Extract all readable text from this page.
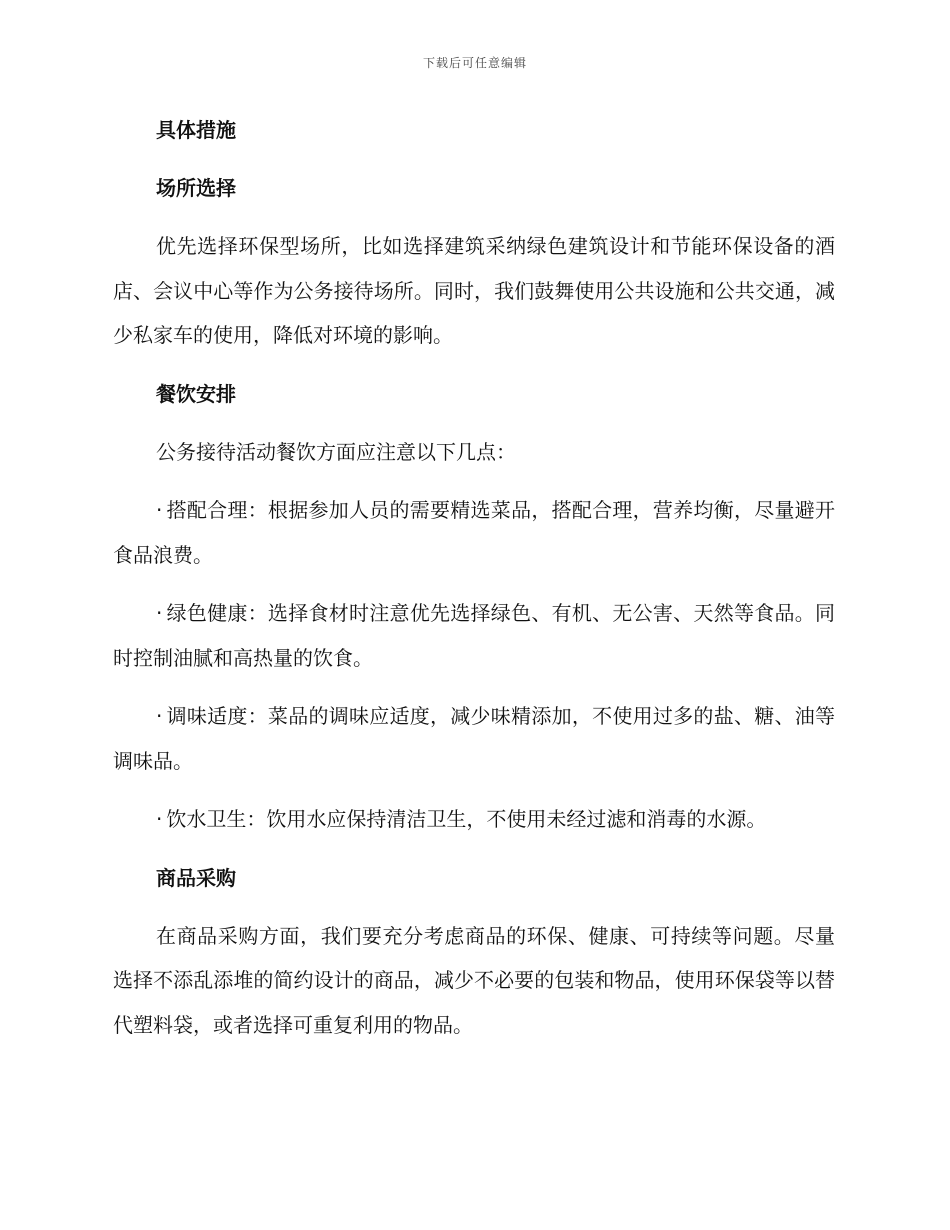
下载后可任意编辑
具体措施
场所选择

优先选择环保型场所，比如选择建筑采纳绿色建筑设计和节能环保设备的酒店、会议中心等作为公务接待场所。同时，我们鼓舞使用公共设施和公共交通，减少私家车的使用，降低对环境的影响。

餐饮安排

公务接待活动餐饮方面应注意以下几点：

· 搭配合理：根据参加人员的需要精选菜品，搭配合理，营养均衡，尽量避开食品浪费。

· 绿色健康：选择食材时注意优先选择绿色、有机、无公害、天然等食品。同时控制油腻和高热量的饮食。

· 调味适度：菜品的调味应适度，减少味精添加，不使用过多的盐、糖、油等调味品。

· 饮水卫生：饮用水应保持清洁卫生，不使用未经过滤和消毒的水源。

商品采购

在商品采购方面，我们要充分考虑商品的环保、健康、可持续等问题。尽量选择不添乱添堆的简约设计的商品，减少不必要的包装和物品，使用环保袋等以替代塑料袋，或者选择可重复利用的物品。
